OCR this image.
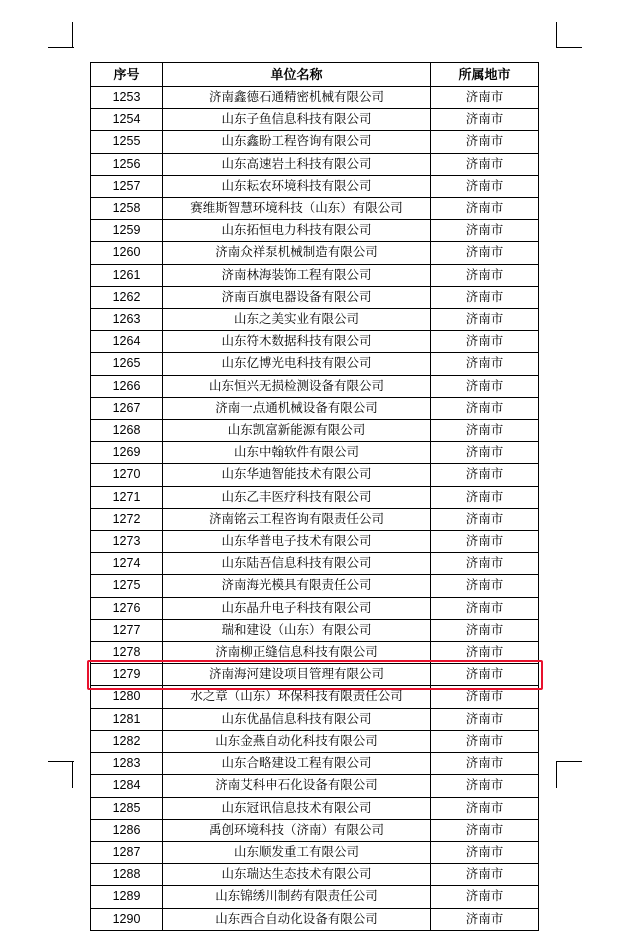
序号	单位名称	所属地市
1253	济南鑫德石通精密机械有限公司	济南市
1254	山东子鱼信息科技有限公司	济南市
1255	山东鑫盼工程咨询有限公司	济南市
1256	山东高速岩土科技有限公司	济南市
1257	山东耘农环境科技有限公司	济南市
1258	赛维斯智慧环境科技（山东）有限公司	济南市
1259	山东拓恒电力科技有限公司	济南市
1260	济南众祥泵机械制造有限公司	济南市
1261	济南林海装饰工程有限公司	济南市
1262	济南百旗电器设备有限公司	济南市
1263	山东之美实业有限公司	济南市
1264	山东符木数据科技有限公司	济南市
1265	山东亿博光电科技有限公司	济南市
1266	山东恒兴无损检测设备有限公司	济南市
1267	济南一点通机械设备有限公司	济南市
1268	山东凯富新能源有限公司	济南市
1269	山东中翰软件有限公司	济南市
1270	山东华迪智能技术有限公司	济南市
1271	山东乙丰医疗科技有限公司	济南市
1272	济南铭云工程咨询有限责任公司	济南市
1273	山东华普电子技术有限公司	济南市
1274	山东陆吾信息科技有限公司	济南市
1275	济南海光模具有限责任公司	济南市
1276	山东晶升电子科技有限公司	济南市
1277	瑞和建设（山东）有限公司	济南市
1278	济南柳正缝信息科技有限公司	济南市
1279	济南海河建设项目管理有限公司	济南市
1280	水之章（山东）环保科技有限责任公司	济南市
1281	山东优晶信息科技有限公司	济南市
1282	山东金燕自动化科技有限公司	济南市
1283	山东合略建设工程有限公司	济南市
1284	济南艾科申石化设备有限公司	济南市
1285	山东冠讯信息技术有限公司	济南市
1286	禹创环境科技（济南）有限公司	济南市
1287	山东顺发重工有限公司	济南市
1288	山东瑞达生态技术有限公司	济南市
1289	山东锦绣川制药有限责任公司	济南市
1290	山东西合自动化设备有限公司	济南市
